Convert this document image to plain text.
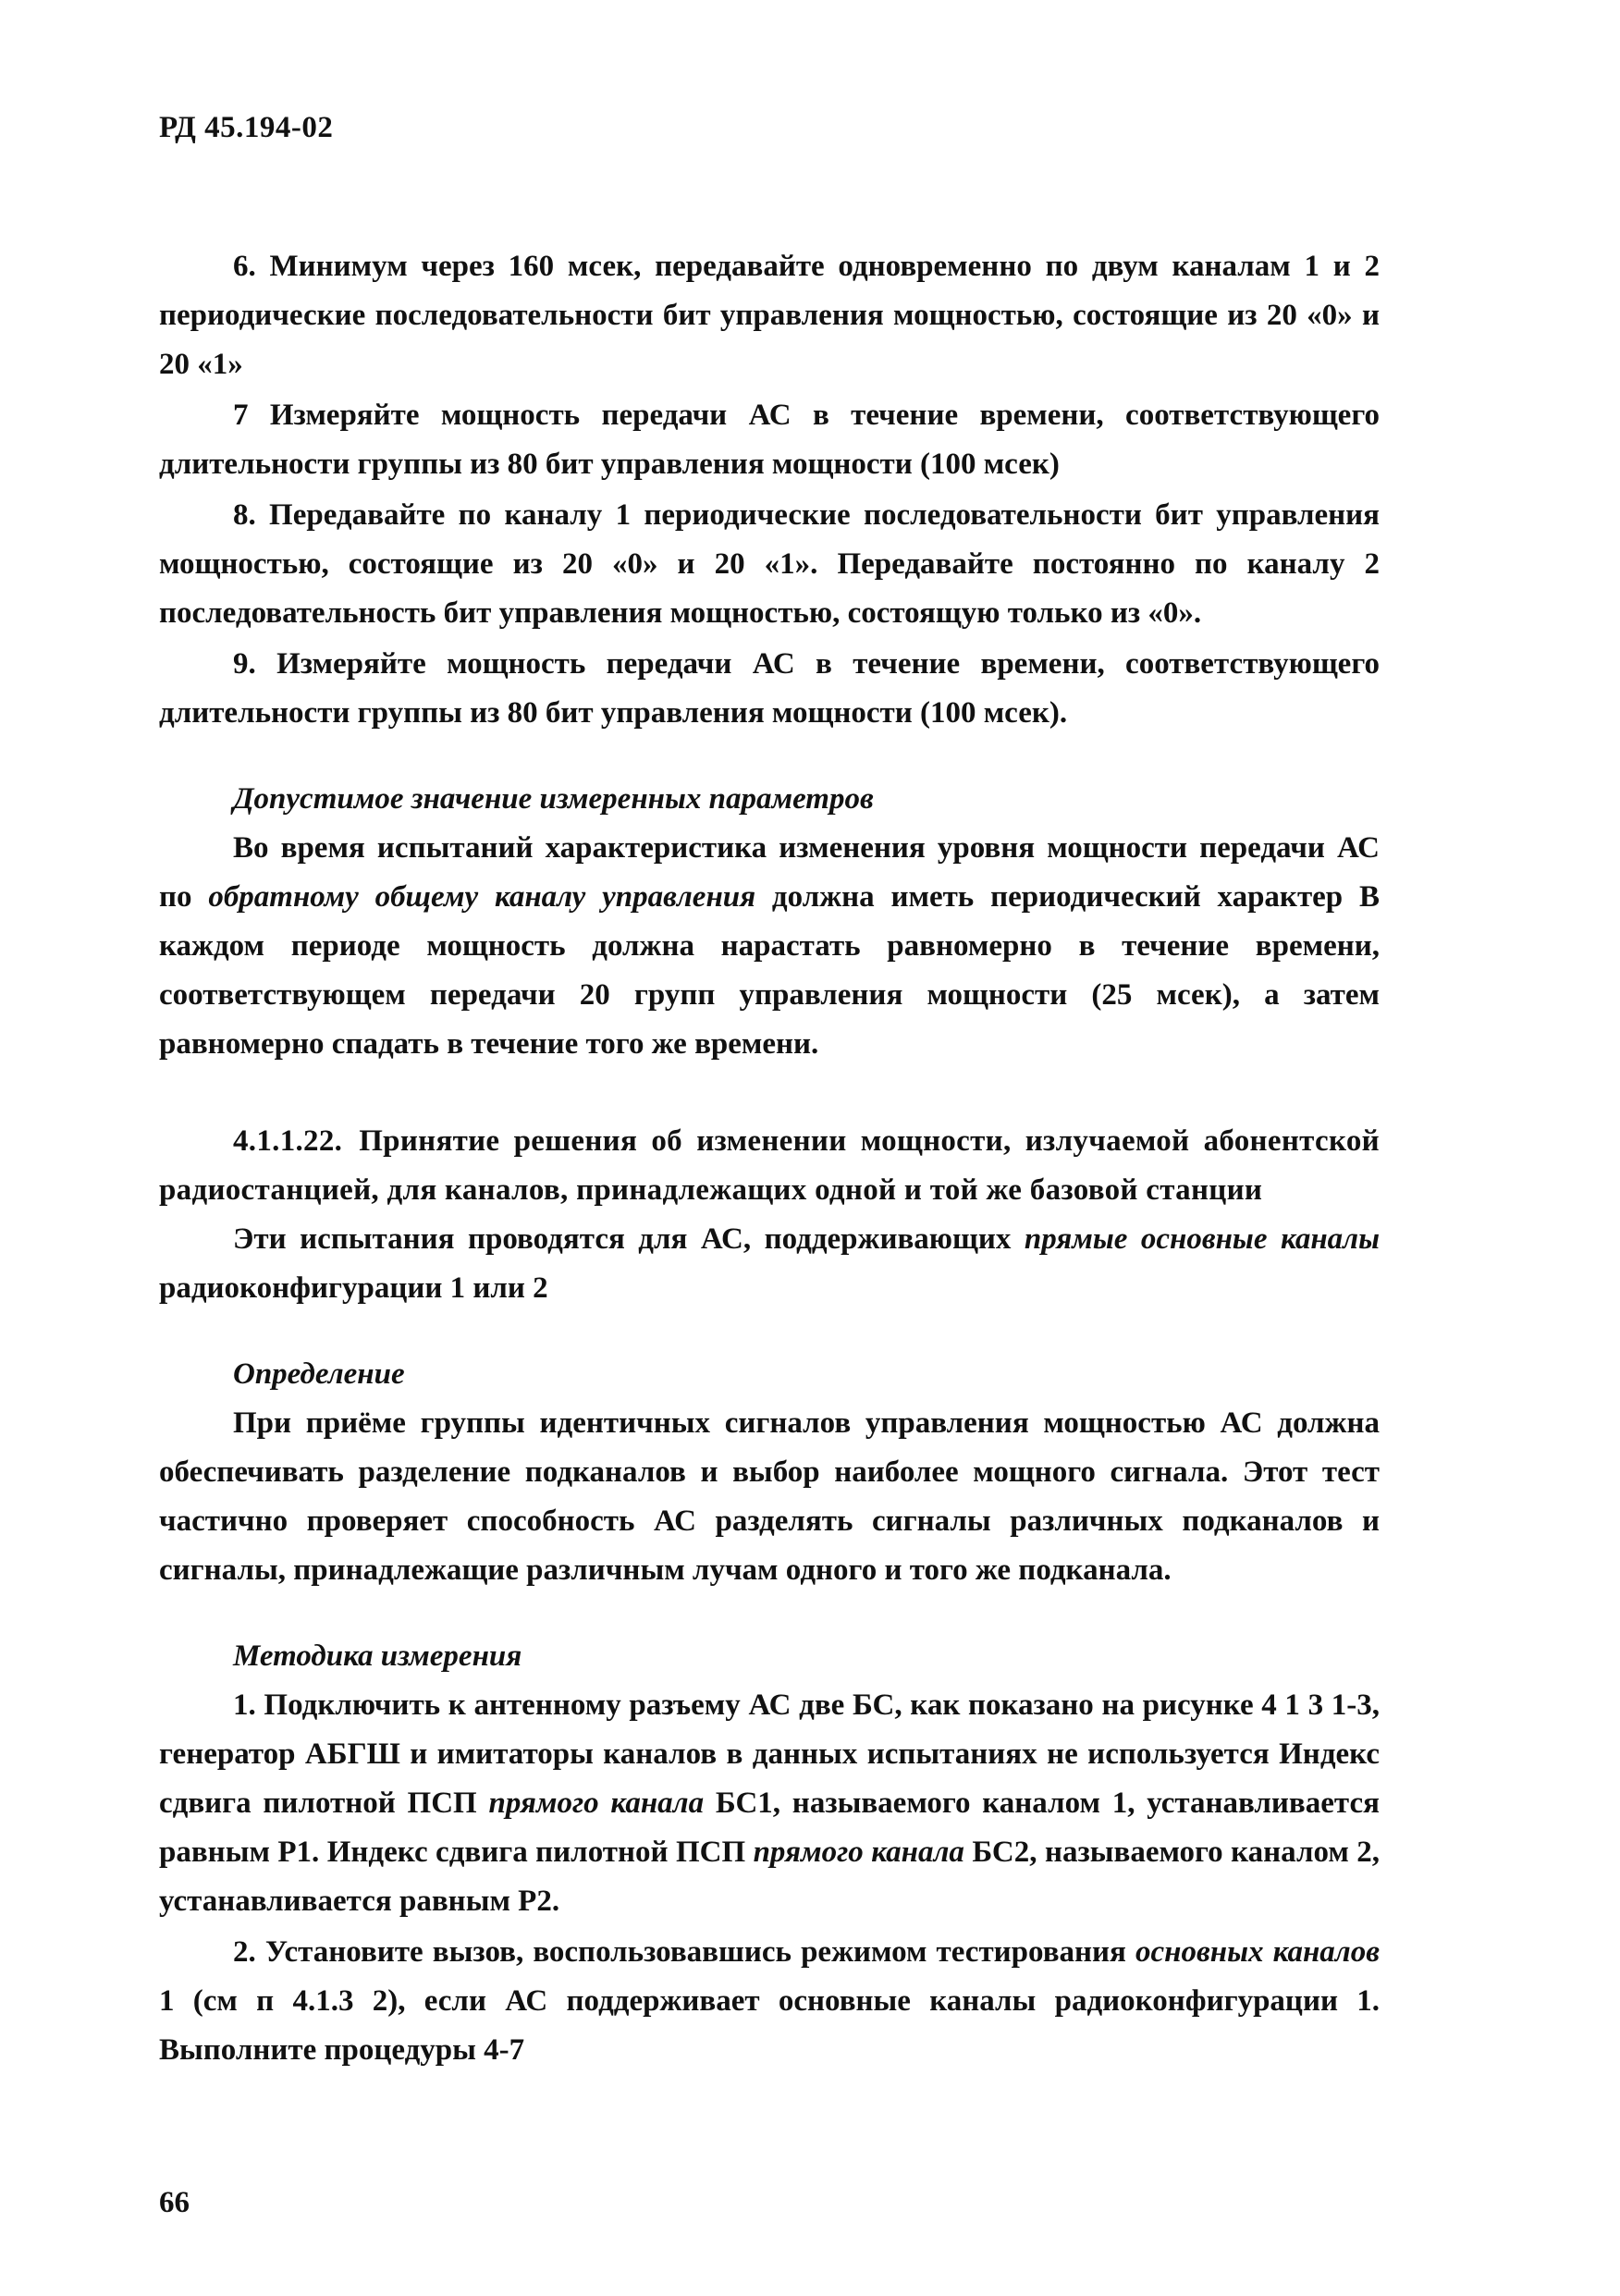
РД 45.194-02

6. Минимум через 160 мсек, передавайте одновременно по двум каналам 1 и 2 периодические последовательности бит управления мощностью, состоящие из 20 «0» и 20 «1»

7 Измеряйте мощность передачи АС в течение времени, соответствующего длительности группы из 80 бит управления мощности (100 мсек)

8. Передавайте по каналу 1 периодические последовательности бит управления мощностью, состоящие из 20 «0» и 20 «1». Передавайте постоянно по каналу 2 последовательность бит управления мощностью, состоящую только из «0».

9. Измеряйте мощность передачи АС в течение времени, соответствующего длительности группы из 80 бит управления мощности (100 мсек).

Допустимое значение измеренных параметров

Во время испытаний характеристика изменения уровня мощности передачи АС по обратному общему каналу управления должна иметь периодический характер В каждом периоде мощность должна нарастать равномерно в течение времени, соответствующем передачи 20 групп управления мощности (25 мсек), а затем равномерно спадать в течение того же времени.

4.1.1.22. Принятие решения об изменении мощности, излучаемой абонентской радиостанцией, для каналов, принадлежащих одной и той же базовой станции

Эти испытания проводятся для АС, поддерживающих прямые основные каналы радиоконфигурации 1 или 2

Определение

При приёме группы идентичных сигналов управления мощностью АС должна обеспечивать разделение подканалов и выбор наиболее мощного сигнала. Этот тест частично проверяет способность АС разделять сигналы различных подканалов и сигналы, принадлежащие различным лучам одного и того же подканала.

Методика измерения

1. Подключить к антенному разъему АС две БС, как показано на рисунке 4 1 3 1-3, генератор АБГШ и имитаторы каналов в данных испытаниях не используется Индекс сдвига пилотной ПСП прямого канала БС1, называемого каналом 1, устанавливается равным Р1. Индекс сдвига пилотной ПСП прямого канала БС2, называемого каналом 2, устанавливается равным Р2.

2. Установите вызов, воспользовавшись режимом тестирования основных каналов 1 (см п 4.1.3 2), если АС поддерживает основные каналы радиоконфигурации 1. Выполните процедуры 4-7

66
